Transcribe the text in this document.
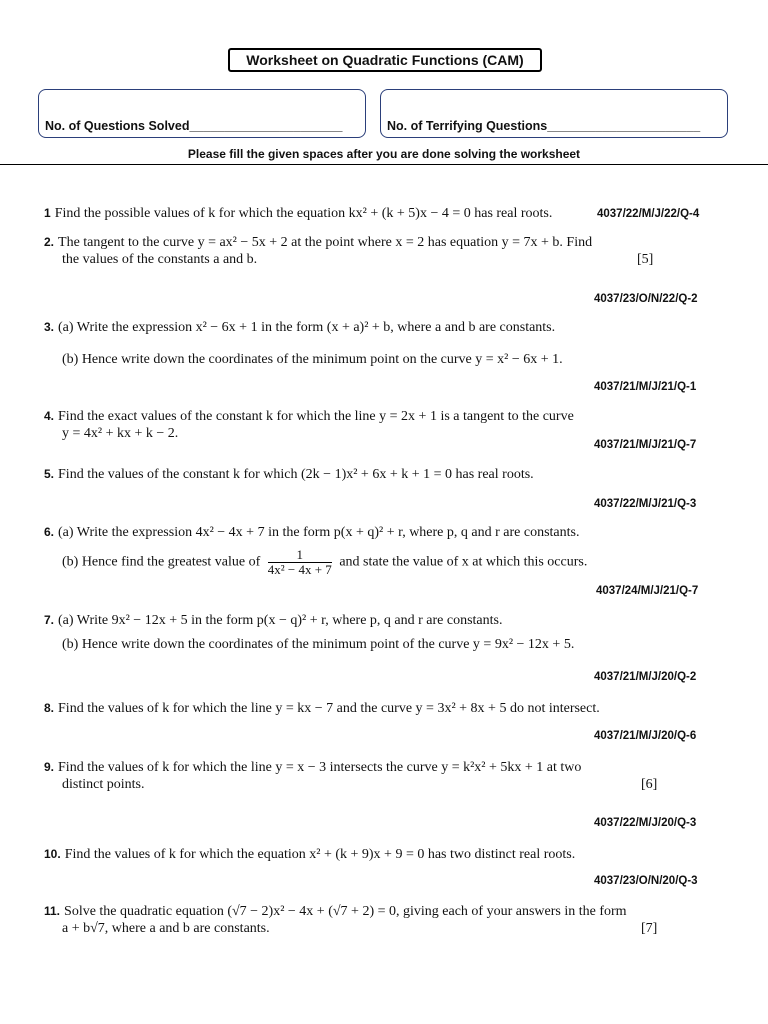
Worksheet on Quadratic Functions (CAM)
No. of Questions Solved______________________	No. of Terrifying Questions______________________
Please fill the given spaces after you are done solving the worksheet
1 Find the possible values of k for which the equation kx² + (k + 5)x − 4 = 0 has real roots.	4037/22/M/J/22/Q-4
2. The tangent to the curve y = ax² − 5x + 2 at the point where x = 2 has equation y = 7x + b. Find
the values of the constants a and b.	[5]
4037/23/O/N/22/Q-2
3. (a) Write the expression x² − 6x + 1 in the form (x + a)² + b, where a and b are constants.
(b) Hence write down the coordinates of the minimum point on the curve y = x² − 6x + 1.
4037/21/M/J/21/Q-1
4. Find the exact values of the constant k for which the line y = 2x + 1 is a tangent to the curve
y = 4x² + kx + k − 2.
4037/21/M/J/21/Q-7
5. Find the values of the constant k for which (2k − 1)x² + 6x + k + 1 = 0 has real roots.
4037/22/M/J/21/Q-3
6. (a) Write the expression 4x² − 4x + 7 in the form p(x + q)² + r, where p, q and r are constants.
(b) Hence find the greatest value of $\frac{1}{\text{4x² − 4x + 7}}$ and state the value of x at which this occurs.
4037/24/M/J/21/Q-7
7. (a) Write 9x² − 12x + 5 in the form p(x − q)² + r, where p, q and r are constants.
(b) Hence write down the coordinates of the minimum point of the curve y = 9x² − 12x + 5.
4037/21/M/J/20/Q-2
8. Find the values of k for which the line y = kx − 7 and the curve y = 3x² + 8x + 5 do not intersect.
4037/21/M/J/20/Q-6
9. Find the values of k for which the line y = x − 3 intersects the curve y = k²x² + 5kx + 1 at two
distinct points.	[6]
4037/22/M/J/20/Q-3
10. Find the values of k for which the equation x² + (k + 9)x + 9 = 0 has two distinct real roots.
4037/23/O/N/20/Q-3
11. Solve the quadratic equation (√7 − 2)x² − 4x + (√7 + 2) = 0, giving each of your answers in the form
a + b√7, where a and b are constants.	[7]
